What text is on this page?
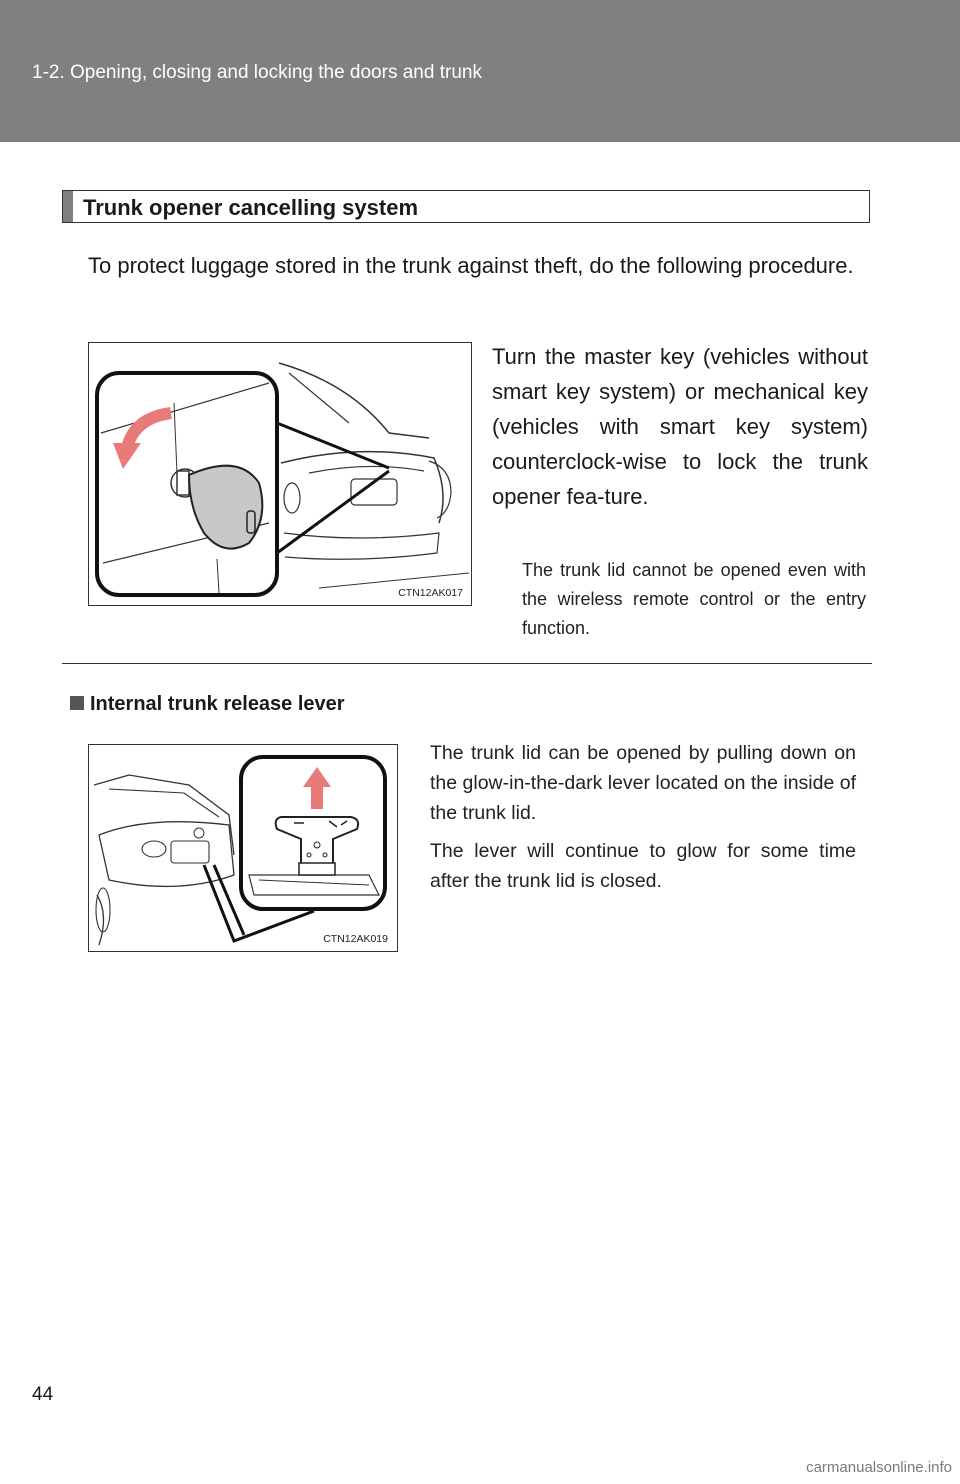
1-2. Opening, closing and locking the doors and trunk
Trunk opener cancelling system
To protect luggage stored in the trunk against theft, do the following procedure.
CTN12AK017
Turn the master key (vehicles without smart key system) or mechanical key (vehicles with smart key system) counterclock-wise to lock the trunk opener fea-ture.
The trunk lid cannot be opened even with the wireless remote control or the entry function.
Internal trunk release lever
CTN12AK019
The trunk lid can be opened by pulling down on the glow-in-the-dark lever located on the inside of the trunk lid.
The lever will continue to glow for some time after the trunk lid is closed.
44
carmanualsonline.info
